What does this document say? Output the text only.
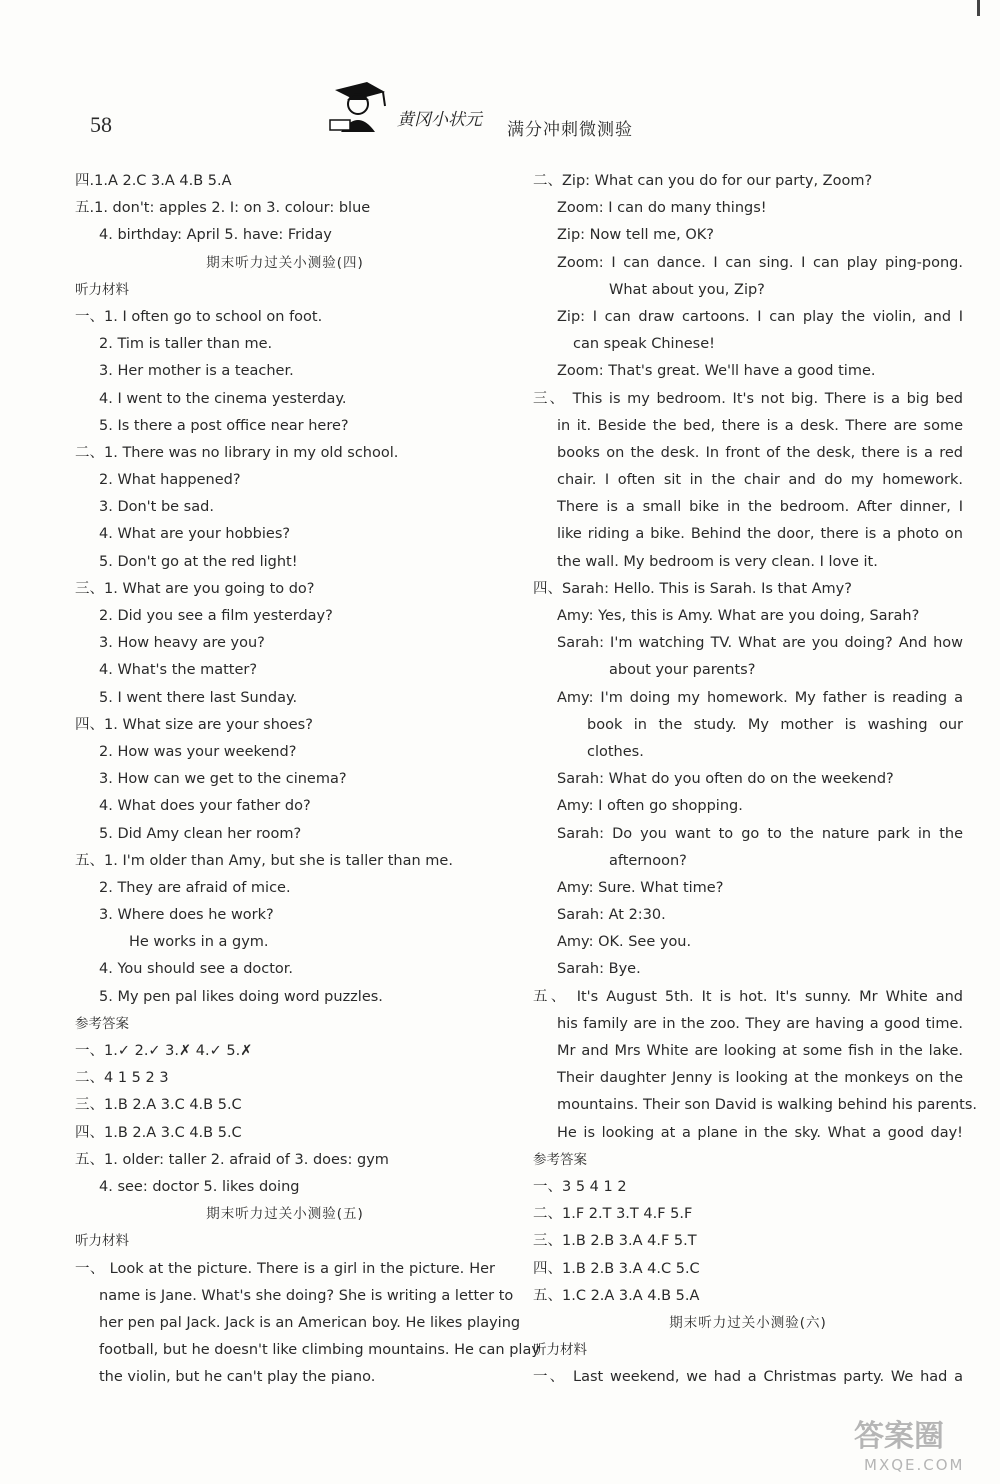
58	黄冈小状元 满分冲刺微测验
四.1.A 2.C 3.A 4.B 5.A
五.1. don't: apples 2. I: on 3. colour: blue
4. birthday: April 5. have: Friday
期末听力过关小测验(四)
听力材料
一、1. I often go to school on foot.
2. Tim is taller than me.
3. Her mother is a teacher.
4. I went to the cinema yesterday.
5. Is there a post office near here?
二、1. There was no library in my old school.
2. What happened?
3. Don't be sad.
4. What are your hobbies?
5. Don't go at the red light!
三、1. What are you going to do?
2. Did you see a film yesterday?
3. How heavy are you?
4. What's the matter?
5. I went there last Sunday.
四、1. What size are your shoes?
2. How was your weekend?
3. How can we get to the cinema?
4. What does your father do?
5. Did Amy clean her room?
五、1. I'm older than Amy, but she is taller than me.
2. They are afraid of mice.
3. Where does he work?
He works in a gym.
4. You should see a doctor.
5. My pen pal likes doing word puzzles.
参考答案
一、1.✓ 2.✓ 3.✗ 4.✓ 5.✗
二、4 1 5 2 3
三、1.B 2.A 3.C 4.B 5.C
四、1.B 2.A 3.C 4.B 5.C
五、1. older: taller 2. afraid of 3. does: gym
4. see: doctor 5. likes doing
期末听力过关小测验(五)
听力材料
一、 Look at the picture. There is a girl in the picture. Her
name is Jane. What's she doing? She is writing a letter to
her pen pal Jack. Jack is an American boy. He likes playing
football, but he doesn't like climbing mountains. He can play
the violin, but he can't play the piano.
二、Zip: What can you do for our party, Zoom?
Zoom: I can do many things!
Zip: Now tell me, OK?
Zoom: I can dance. I can sing. I can play ping-pong.
What about you, Zip?
Zip: I can draw cartoons. I can play the violin, and I
can speak Chinese!
Zoom: That's great. We'll have a good time.
三、 This is my bedroom. It's not big. There is a big bed
in it. Beside the bed, there is a desk. There are some
books on the desk. In front of the desk, there is a red
chair. I often sit in the chair and do my homework.
There is a small bike in the bedroom. After dinner, I
like riding a bike. Behind the door, there is a photo on
the wall. My bedroom is very clean. I love it.
四、Sarah: Hello. This is Sarah. Is that Amy?
Amy: Yes, this is Amy. What are you doing, Sarah?
Sarah: I'm watching TV. What are you doing? And how
about your parents?
Amy: I'm doing my homework. My father is reading a
book in the study. My mother is washing our
clothes.
Sarah: What do you often do on the weekend?
Amy: I often go shopping.
Sarah: Do you want to go to the nature park in the
afternoon?
Amy: Sure. What time?
Sarah: At 2:30.
Amy: OK. See you.
Sarah: Bye.
五、 It's August 5th. It is hot. It's sunny. Mr White and
his family are in the zoo. They are having a good time.
Mr and Mrs White are looking at some fish in the lake.
Their daughter Jenny is looking at the monkeys on the
mountains. Their son David is walking behind his parents.
He is looking at a plane in the sky. What a good day!
参考答案
一、3 5 4 1 2
二、1.F 2.T 3.T 4.F 5.F
三、1.B 2.B 3.A 4.F 5.T
四、1.B 2.B 3.A 4.C 5.C
五、1.C 2.A 3.A 4.B 5.A
期末听力过关小测验(六)
听力材料
一、 Last weekend, we had a Christmas party. We had a
答案圈
MXQE.COM
